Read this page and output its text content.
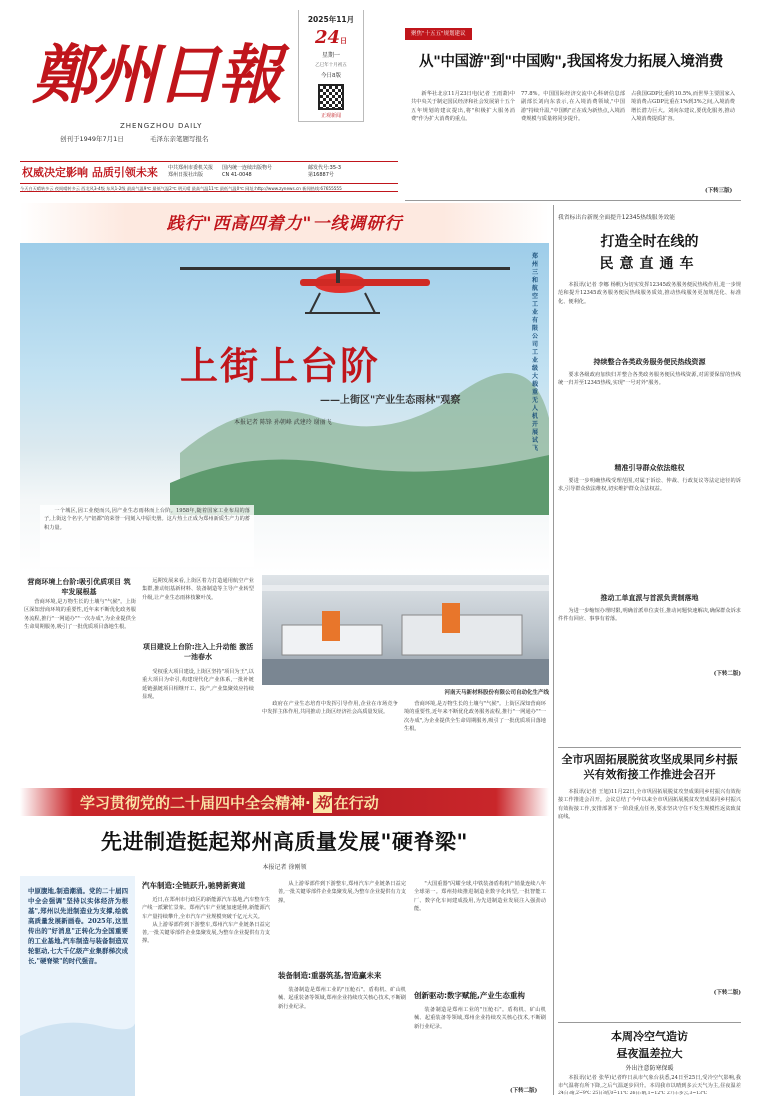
鄭州日報
ZHENGZHOU DAILY
创刊于1949年7月1日	毛泽东亲笔题写报名
2025年11月
24日
星期一
乙巳年十月初五
今日8版
正观新闻
权威决定影响 品质引领未来 中共郑州市委机关报
郑州日报社出版
国内统一连续出版物号
CN 41-0048
邮发代号:35-3
第16887号
今天白天晴转多云 夜间晴转多云 西北风3-4级 东风1-2级 最高气温9℃ 最低气温2℃ 明天晴 最高气温11℃ 最低气温0℃ 网址:http://www.zynews.cn 新闻热线:67655555
聚焦"十五五"规划建议
从"中国游"到"中国购",我国将发力拓展入境消费

新华社北京11月23日电(记者 王雨萧)中共中央关于制定国民经济和社会发展第十五个五年规划的建议提出,将"积极扩大服务消费"作为扩大消费的重点。

77.8%。中国国际经济交流中心科研信息部副部长刘向东表示,在入境消费领域,"中国游"持续升温,"中国购"正在成为新热点,入境消费规模与质量将同步提升。

占我国GDP比重约10.5%,而世界主要国家入境消费占GDP比重在1%到3%之间,入境消费增长潜力巨大。刘向东建议,要优化服务,推动入境消费提质扩容。

(下转三版)
践行"西高四着力"一线调研行
郑州三和航空工业有限公司工业级大载重无人机开展试飞
上街上台阶
——上街区"产业生态雨林"观察
本报记者 陈锋 孙朝峰 武建玲 谢丽飞

一个城区,因工业便而兴,因产业生态雨林而上台阶。1958年,随着国家工业布局的落子,上街这个名字,与"铝都"的荣誉一同刻入中原史册。这片热土正成为郑州新质生产力的蓄积力量。

营商环境上台阶:吸引优质项目 筑牢发展根基

营商环境,是万物生长的土壤与"气候"。上街区深知营商环境的重要性,近年来不断优化政务服务流程,推行"一网通办""一次办成",为企业提供全生命周期服务,吸引了一批优质项目落地生根。

远期发展来看,上街区着力打造通用航空产业集群,推动铝基新材料、装备制造等主导产业转型升级,让产业生态雨林枝繁叶茂。

项目建设上台阶:注入上升动能 激活一池春水

受权重大项目建设,上街区坚持"项目为王",以重大项目为牵引,构建现代化产业体系,一批补链延链强链项目相继开工、投产,产业集聚效应持续显现。

河南天马新材料股份有限公司自动化生产线

政府在产业生态培育中发挥引导作用,企业在市场竞争中发挥主体作用,共同推动上街区经济社会高质量发展。

营商环境,是万物生长的土壤与"气候"。上街区深知营商环境的重要性,近年来不断优化政务服务流程,推行"一网通办""一次办成",为企业提供全生命周期服务,吸引了一批优质项目落地生根。

我省标出台新规全面提升12345热线服务效能
打造全时在线的
民意直通车

本报讯(记者 李娜 杨帆)为切实发挥12345政务服务便民热线作用,进一步规范和提升12345政务服务便民热线服务质效,推动热线服务更加规范化、标准化、便利化。

持续整合各类政务服务便民热线资源

要求各级政府加快归并整合各类政务服务便民热线资源,对需要保留的热线统一归并至12345热线,实现"一号对外"服务。

精准引导群众依法维权

要进一步明确热线受理范围,对属于诉讼、仲裁、行政复议等法定途径的诉求,引导群众依法维权,切实维护群众合法权益。

推动工单直派与首派负责制落地

为进一步缩短办理时限,明确首派单位责任,推动问题快速解决,确保群众诉求件件有回应、事事有着落。

(下转二版)
全市巩固拓展脱贫攻坚成果同乡村振兴有效衔接工作推进会召开

本报讯(记者 王旭)11月22日,全市巩固拓展脱贫攻坚成果同乡村振兴有效衔接工作推进会召开。会议总结了今年以来全市巩固拓展脱贫攻坚成果同乡村振兴有效衔接工作,安排部署下一阶段重点任务,要求坚决守住不发生规模性返贫致贫底线。

(下转二版)
本周冷空气造访
昼夜温差拉大
外出注意防寒保暖

本报讯(记者 张华)记者昨日从市气象台获悉,24日至25日,受冷空气影响,我市气温将有所下降,之后气温逐步回升。本周我市以晴到多云天气为主,昼夜温差

24日:晴,2~9℃ 25日:晴,0~11℃ 26日:晴,1~12℃ 27日:多云,3~13℃
学习贯彻党的二十届四中全会精神· 郑 在行动
先进制造挺起郑州高质量发展"硬脊梁"
本报记者 徐刚领
中原腹地,制造潮涌。党的二十届四中全会强调"坚持以实体经济为根基",郑州以先进制造业为支撑,绘就高质量发展新画卷。2025年,这里传出的"好消息"正转化为全国重要的工业基地,汽车制造与装备制造双轮驱动,七大千亿级产业集群梯次成长,"硬脊梁"的时代强音。
汽车制造:全链跃升,驰骋新赛道

近日,在郑州市行政区的新能源汽车基地,汽车整车生产线一派繁忙景象。郑州汽车产业链加速延伸,新能源汽车产量持续攀升,全市汽车产业规模突破千亿元大关。

从上游零部件到下游整车,郑州汽车产业链条日益完善,一批关键零部件企业集聚发展,为整车企业提供有力支撑。

从上游零部件到下游整车,郑州汽车产业链条日益完善,一批关键零部件企业集聚发展,为整车企业提供有力支撑。

装备制造:重器筑基,智造赢未来

装备制造是郑州工业的"压舱石"。盾构机、矿山机械、起重装备等领域,郑州企业持续攻关核心技术,不断刷新行业纪录。

"大国重器"闪耀全球,中铁装备盾构机产销量连续八年全球第一。郑州持续推进制造业数字化转型,一批智能工厂、数字化车间建成投用,为先进制造业发展注入强劲动能。

创新驱动:数字赋能,产业生态重构

装备制造是郑州工业的"压舱石"。盾构机、矿山机械、起重装备等领域,郑州企业持续攻关核心技术,不断刷新行业纪录。

(下转二版)
